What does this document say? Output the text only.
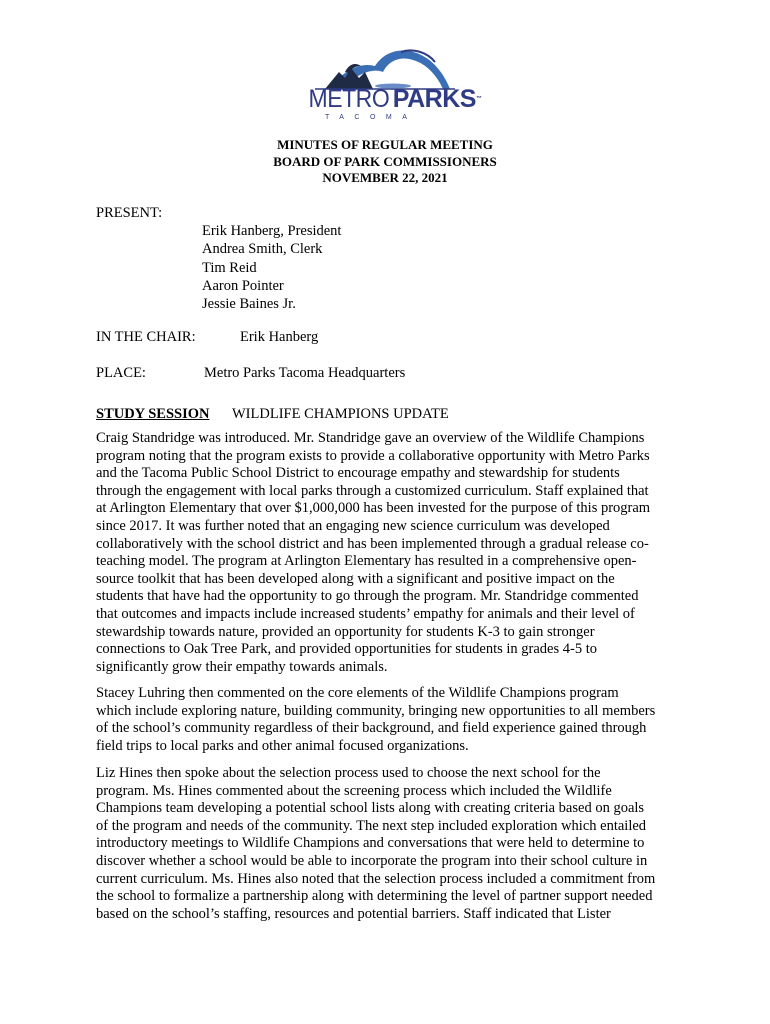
METRO PARKS™
TACOMA
MINUTES OF REGULAR MEETING
BOARD OF PARK COMMISSIONERS
NOVEMBER 22, 2021
PRESENT:
Erik Hanberg, President
Andrea Smith, Clerk
Tim Reid
Aaron Pointer
Jessie Baines Jr.
IN THE CHAIR:	Erik Hanberg
PLACE:	Metro Parks Tacoma Headquarters
STUDY SESSION WILDLIFE CHAMPIONS UPDATE
Craig Standridge was introduced. Mr. Standridge gave an overview of the Wildlife Champions
program noting that the program exists to provide a collaborative opportunity with Metro Parks
and the Tacoma Public School District to encourage empathy and stewardship for students
through the engagement with local parks through a customized curriculum. Staff explained that
at Arlington Elementary that over $1,000,000 has been invested for the purpose of this program
since 2017. It was further noted that an engaging new science curriculum was developed
collaboratively with the school district and has been implemented through a gradual release co-
teaching model. The program at Arlington Elementary has resulted in a comprehensive open-
source toolkit that has been developed along with a significant and positive impact on the
students that have had the opportunity to go through the program. Mr. Standridge commented
that outcomes and impacts include increased students’ empathy for animals and their level of
stewardship towards nature, provided an opportunity for students K-3 to gain stronger
connections to Oak Tree Park, and provided opportunities for students in grades 4-5 to
significantly grow their empathy towards animals.
Stacey Luhring then commented on the core elements of the Wildlife Champions program
which include exploring nature, building community, bringing new opportunities to all members
of the school’s community regardless of their background, and field experience gained through
field trips to local parks and other animal focused organizations.
Liz Hines then spoke about the selection process used to choose the next school for the
program. Ms. Hines commented about the screening process which included the Wildlife
Champions team developing a potential school lists along with creating criteria based on goals
of the program and needs of the community. The next step included exploration which entailed
introductory meetings to Wildlife Champions and conversations that were held to determine to
discover whether a school would be able to incorporate the program into their school culture in
current curriculum. Ms. Hines also noted that the selection process included a commitment from
the school to formalize a partnership along with determining the level of partner support needed
based on the school’s staffing, resources and potential barriers. Staff indicated that Lister
